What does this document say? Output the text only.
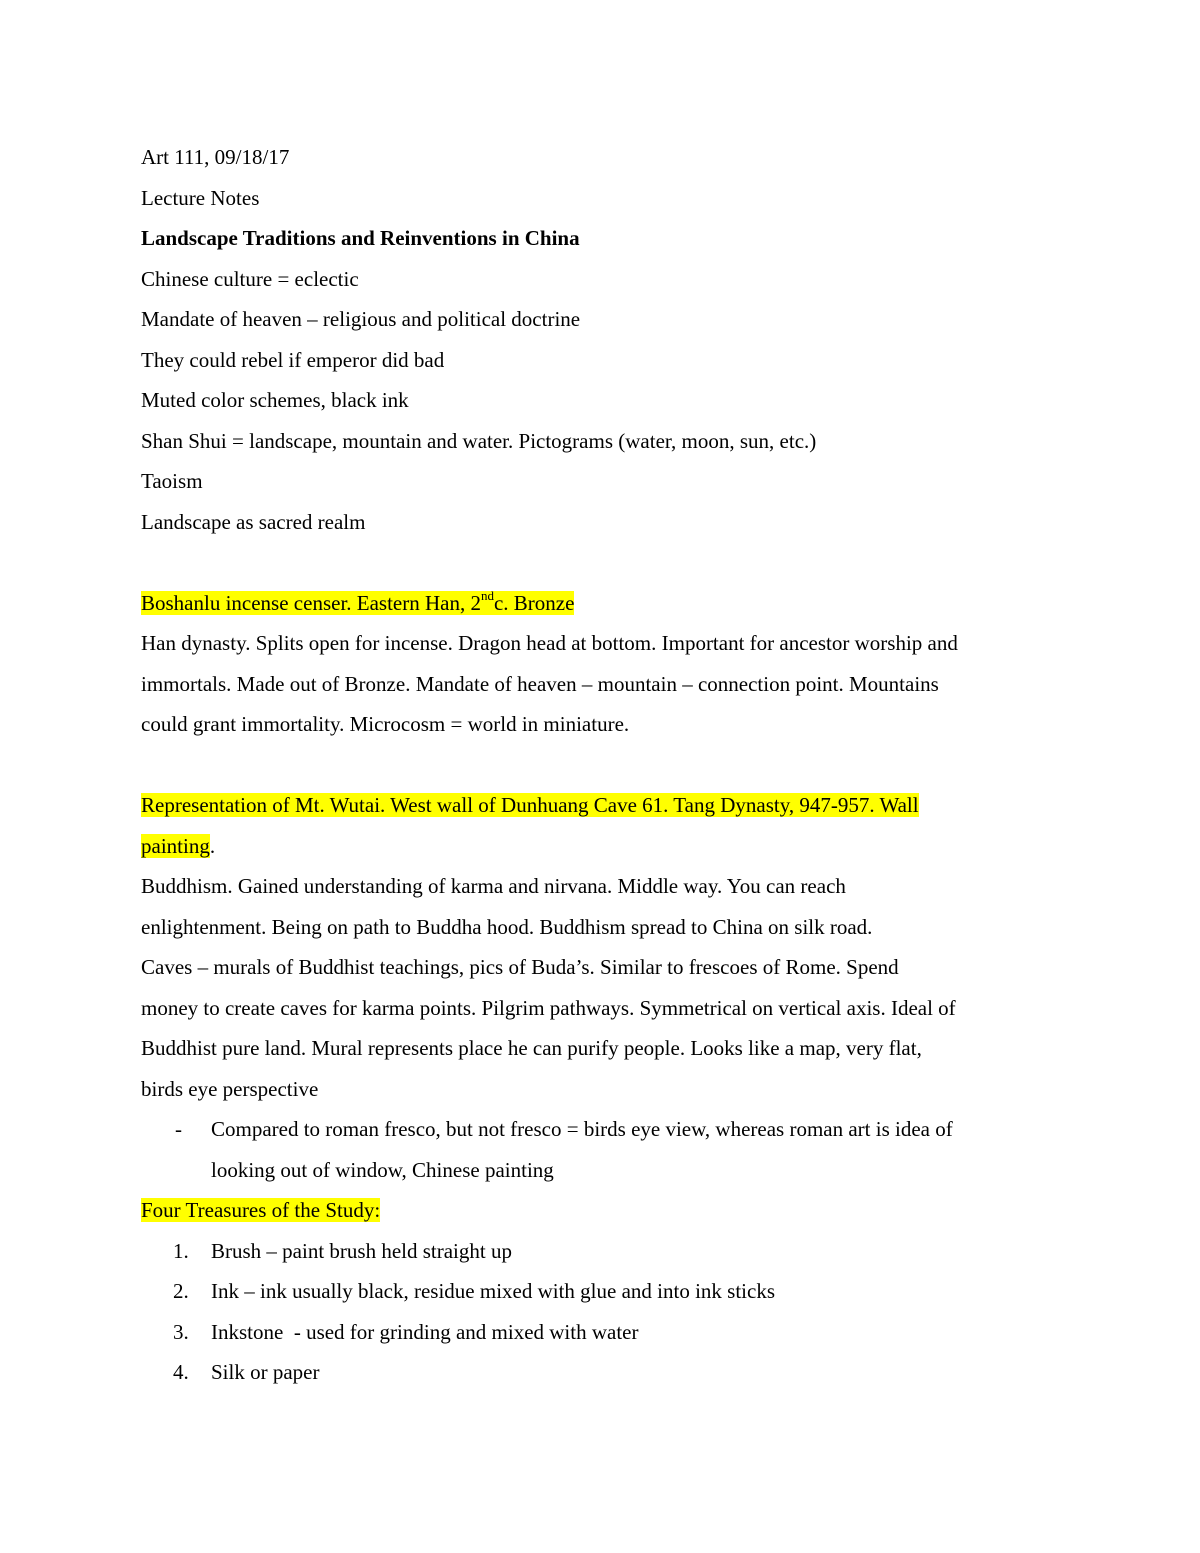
Art 111, 09/18/17
Lecture Notes
Landscape Traditions and Reinventions in China
Chinese culture = eclectic
Mandate of heaven – religious and political doctrine
They could rebel if emperor did bad
Muted color schemes, black ink
Shan Shui = landscape, mountain and water. Pictograms (water, moon, sun, etc.)
Taoism
Landscape as sacred realm
Boshanlu incense censer. Eastern Han, 2ndc. Bronze
Han dynasty. Splits open for incense. Dragon head at bottom. Important for ancestor worship and
immortals. Made out of Bronze. Mandate of heaven – mountain – connection point. Mountains
could grant immortality. Microcosm = world in miniature.
Representation of Mt. Wutai. West wall of Dunhuang Cave 61. Tang Dynasty, 947-957. Wall
painting.
Buddhism. Gained understanding of karma and nirvana. Middle way. You can reach
enlightenment. Being on path to Buddha hood. Buddhism spread to China on silk road.
Caves – murals of Buddhist teachings, pics of Buda’s. Similar to frescoes of Rome. Spend
money to create caves for karma points. Pilgrim pathways. Symmetrical on vertical axis. Ideal of
Buddhist pure land. Mural represents place he can purify people. Looks like a map, very flat,
birds eye perspective
- Compared to roman fresco, but not fresco = birds eye view, whereas roman art is idea of
looking out of window, Chinese painting
Four Treasures of the Study:
1. Brush – paint brush held straight up
2. Ink – ink usually black, residue mixed with glue and into ink sticks
3. Inkstone  - used for grinding and mixed with water
4. Silk or paper
